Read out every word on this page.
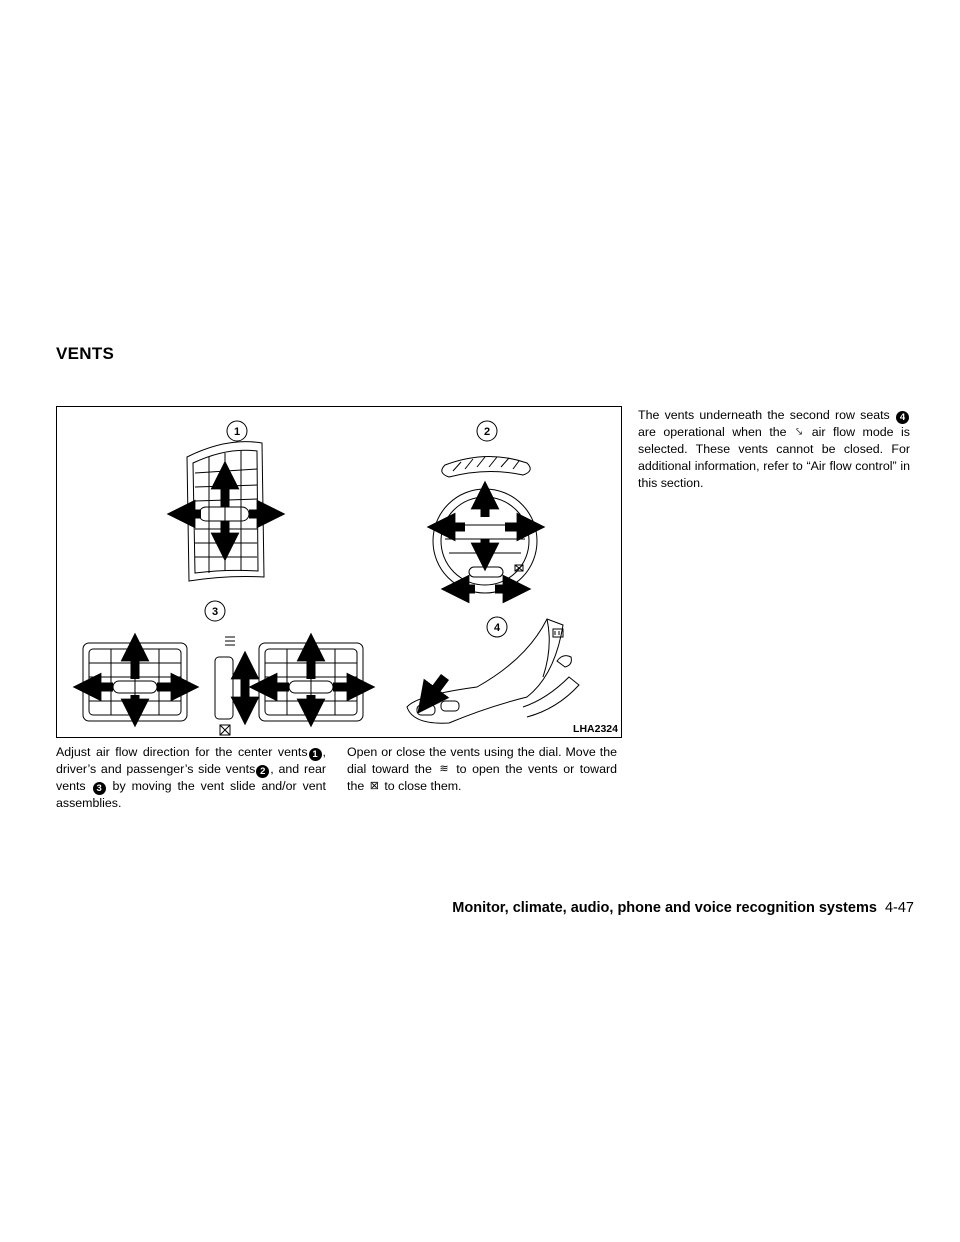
VENTS
1	2
3
4
LHA2324
Adjust air flow direction for the center vents 1 , driver’s and passenger’s side vents 2 , and rear vents 3 by moving the vent slide and/or vent assemblies.
Open or close the vents using the dial. Move the dial toward the ≋ to open the vents or toward the ⊠ to close them.
The vents underneath the second row seats 4 are operational when the ⤥ air flow mode is selected. These vents cannot be closed. For additional information, refer to “Air flow control” in this section.
Monitor, climate, audio, phone and voice recognition systems 4-47
